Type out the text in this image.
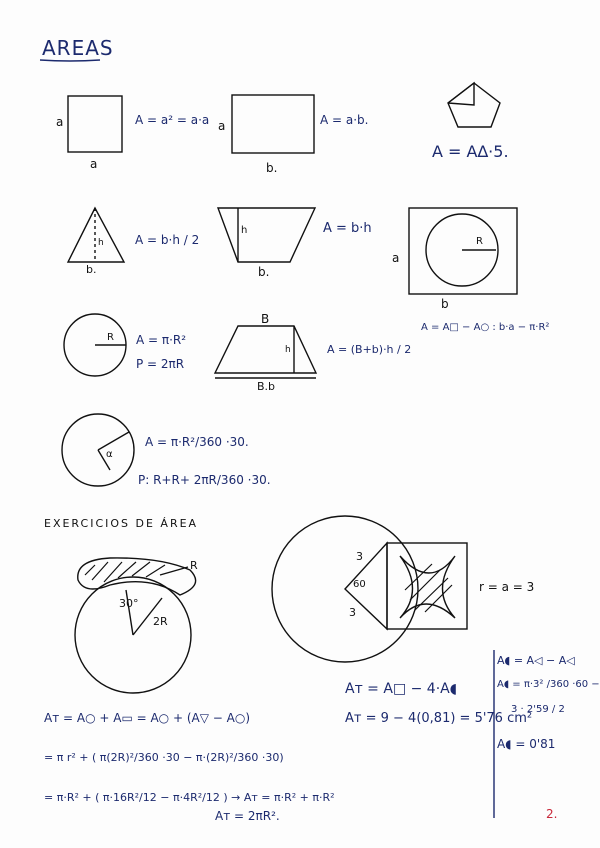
AREAS
a
a
A = a² = a·a a
b.
A = a·b.
A = A∆·5.
h
b.
A = b·h / 2
h
b.
A = b·h
a
b
R
A = A□ − A○ : b·a − π·R²
R A = π·R²
P = 2πR
B
h
B.b
A = (B+b)·h / 2
α
A = π·R²/360 ·30.
P: R+R+ 2πR/360 ·30.
EXERCICIOS DE ÁREA
30°
2R
R
Aт = A○ + A▭ = A○ + (A▽ − A○)
= π r² + ( π(2R)²/360 ·30 − π·(2R)²/360 ·30)
= π·R² + ( π·16R²/12 − π·4R²/12 ) → Aт = π·R² + π·R²
Aт = 2πR².
3
3
60	r = a = 3
Aт = A□ − 4·A◖
Aт = 9 − 4(0,81) = 5'76 cm²
A◖ = A◁ − A◁
A◖ = π·3² /360 ·60 −
3 · 2'59 / 2
A◖ = 0'81
2.
